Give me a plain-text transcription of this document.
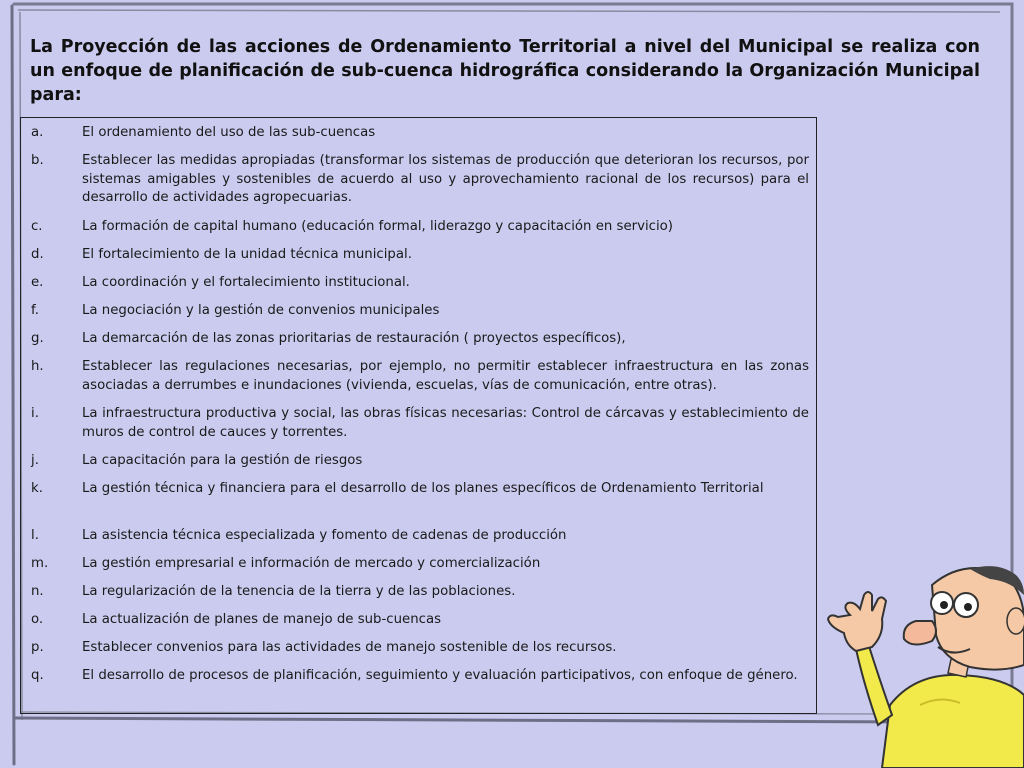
La Proyección de las acciones de Ordenamiento Territorial a nivel del Municipal se realiza con un enfoque de planificación de sub-cuenca hidrográfica considerando la Organización Municipal para:

a.	El ordenamiento del uso de las sub-cuencas
b.	Establecer las medidas apropiadas (transformar los sistemas de producción que deterioran los recursos, por sistemas amigables y sostenibles de acuerdo al uso y aprovechamiento racional de los recursos) para el desarrollo de actividades agropecuarias.
c.	La formación de capital humano (educación formal, liderazgo y capacitación en servicio)
d.	El fortalecimiento de la unidad técnica municipal.
e.	La coordinación y el fortalecimiento institucional.
f.	La negociación y la gestión de convenios municipales
g.	La demarcación de las zonas prioritarias de restauración ( proyectos específicos),
h.	Establecer las regulaciones necesarias, por ejemplo, no permitir establecer infraestructura en las zonas asociadas a derrumbes e inundaciones (vivienda, escuelas, vías de comunicación, entre otras).
i.	La infraestructura productiva y social, las obras físicas necesarias: Control de cárcavas y establecimiento de muros de control de cauces y torrentes.
j.	La capacitación para la gestión de riesgos
k.	La gestión técnica y financiera para el desarrollo de los planes específicos de Ordenamiento Territorial
l.	La asistencia técnica especializada y fomento de cadenas de producción
m.	La gestión empresarial e información de mercado y comercialización
n.	La regularización de la tenencia de la tierra y de las poblaciones.
o.	La actualización de planes de manejo de sub-cuencas
p.	Establecer convenios para las actividades de manejo sostenible de los recursos.
q.	El desarrollo de procesos de planificación, seguimiento y evaluación participativos, con enfoque de género.
